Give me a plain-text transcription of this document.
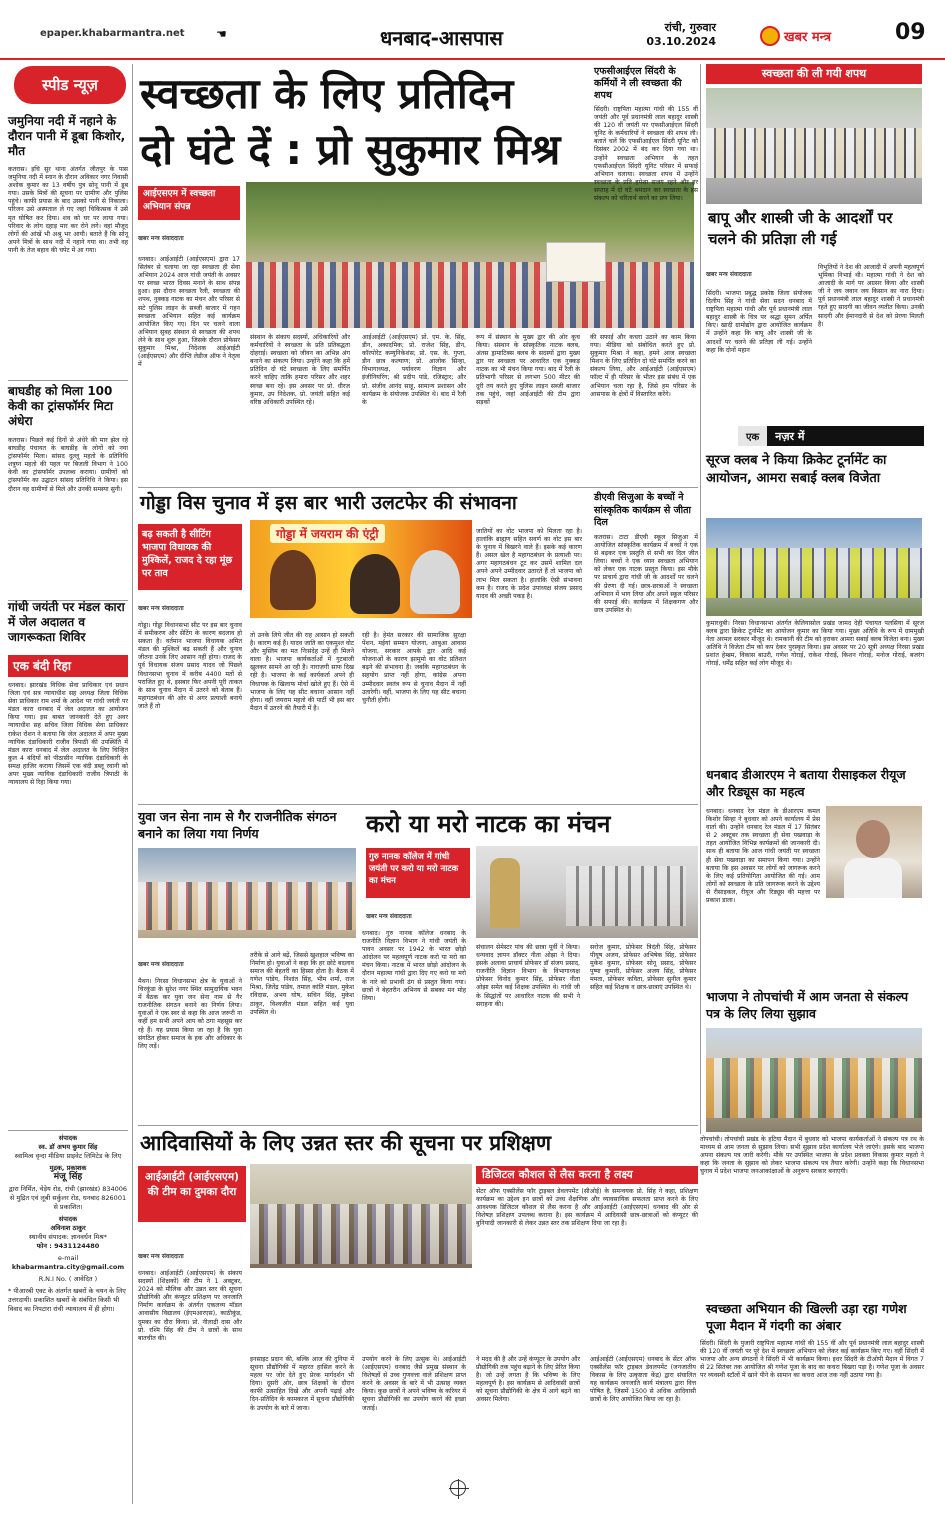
epaper.khabarmantra.net	☚	धनबाद-आसपास	रांची, गुरुवार
03.10.2024	खबर मन्त्र	09
स्पीड न्यूज़
जमुनिया नदी में नहाने के दौरान पानी में डूबा किशोर, मौत
कतरास। इचि सुर थाना अंतर्गत जीतपुर के पास जमुनिया नदी में स्नान के दौरान अविकार नगर निवासी अशोक कुमार का 13 वर्षीय पुत्र सोनू पानी में डूब गया। उसके मित्रों की सूचना पर ग्रामीण और पुलिस पहुंचे। काफी प्रयास के बाद उसको पानी से निकाला। परिजन उसे अस्पताल ले गए जहां चिकित्सक ने उसे मृत घोषित कर दिया। शव को घर पर लाया गया। परिवार के लोग दहाड़ मार कर रोने लगे। वहां मौजूद लोगों की आंखें भी अश्रु भर आयी। बताते हैं कि सोनू अपने मित्रों के साथ नदी में नहाने गया था। तभी वह पानी के तेज बहाव की चपेट में आ गया।
बाघडीह को मिला 100 केवी का ट्रांसफॉर्मर मिटा अंधेरा
कतरास। पिछले कई दिनों से अंधेरे की मार झेल रहे बाघडीह पंचायत के बाघडीह के लोगों को नया ट्रांसफॉर्मर मिला। सांसद दुल्लू महतो के प्रतिनिधि शत्रुघ्न महतो की पहल पर बिजली विभाग ने 100 केवी का ट्रांसफॉर्मर उपलब्ध कराया। ग्रामीणों को ट्रांसफॉर्मर का उद्घाटन सांसद प्रतिनिधि ने किया। इस दौरान वह ग्रामीणों से मिले और उनकी समस्या सुनी।
गांधी जयंती पर मंडल कारा में जेल अदालत व जागरूकता शिविर
एक बंदी रिहा
धनबाद। झारखंड विधिक सेवा प्राधिकार एवं प्रधान जिला एवं सत्र न्यायाधीश सह अध्यक्ष जिला विधिक सेवा प्राधिकार राम शर्मा के आदेश पर गांधी जयंती पर मंडल कारा धनबाद में जेल अदालत का आयोजन किया गया। इस बाबत जानकारी देते हुए अवर न्यायाधीश सह सचिव जिला विधिक सेवा प्राधिकार राकेश रोशन ने बताया कि जेल अदालत में अपर मुख्य न्यायिक दंडाधिकारी राजीव त्रिपाठी की उपस्थिति में मंडल कारा धनबाद में जेल अदालत के लिए चिन्हित कुल 4 बंदियों को पीठासीन न्यायिक दंडाधिकारी के समक्ष हाजिर कराया जिसमें एक बंदी डब्लू रवानी को अपर मुख्य न्यायिक दंडाधिकारी राजीव त्रिपाठी के न्यायालय से रिहा किया गया।
संपादक
स्व. डॉ अभय कुमार सिंह
स्वामित्व वृन्दा मीडिया प्राइवेट लिमिटेड के लिए
मुद्रक, प्रकाशक
मंजू सिंह
द्वारा निर्मित, चेड़ेय रोड, रांची (झारखंड) 834006 से मुद्रित एवं लूबी सर्कुलर रोड, धनबाद 826001 से प्रकाशित।
संपादक
अविनाश ठाकुर
स्थानीय संपादक: ज्ञानवर्धन मिश्र*
फोन : 9431124480
e-mail
khabarmantra.city@gmail.com
R.N.I No. ( आवेदित )
* पीआरबी एक्ट के अंतर्गत खबरों के चयन के लिए उत्तरदायी। प्रकाशित खबरों के संबंधित किसी भी विवाद का निपटारा रांची न्यायालय में ही होगा।
स्वच्छता के लिए प्रतिदिन
दो घंटे दें : प्रो सुकुमार मिश्र
आईएसएम में स्वच्छता अभियान संपन्न
खबर मन्त्र संवाददाता
धनबाद। आईआईटी (आईएसएम) द्वारा 17 सितंबर से चलाया जा रहा स्वच्छता ही सेवा अभियान 2024 आज गांधी जयंती के अवसर पर स्वच्छ भारत दिवस मनाने के साथ संपन्न हुआ। इस दौरान स्वच्छता रैली, स्वच्छता की शपथ, नुक्कड़ नाटक का मंचन और परिसर से सटे पुलिस लाइन के सब्जी बाजार में गहन स्वच्छता अभियान सहित कई कार्यक्रम आयोजित किए गए। दिन पर चलने वाला अभियान सुबह संस्थान से स्वच्छता की शपथ लेने के साथ शुरू हुआ, जिसके दौरान प्रोफेसर सुकुमार मिश्रा, निदेशक आईआईटी (आईएसएम) और दीप्ति लेडीज ऑफ ने नेतृत्व में
संस्थान के संकाय सदस्यों, अधिकारियों और कर्मचारियों ने स्वच्छता के प्रति प्रतिबद्धता दोहराई। स्वच्छता को जीवन का अभिन्न अंग बनाने का संकल्प लिया। उन्होंने कहा कि हमें प्रतिदिन दो घंटे स्वच्छता के लिए समर्पित करने चाहिए ताकि हमारा परिसर और शहर स्वच्छ बना रहे। इस अवसर पर प्रो. धीरज कुमार, उप निदेशक, प्रो. जयंती सहित कई वरिष्ठ अधिकारी उपस्थित रहे।
आईआईटी (आईएसएम) प्रो. एम. के. सिंह, डीन, अकादमिक; प्रो. राजेश सिंह, डीन, कॉरपोरेट कम्युनिकेशंस; प्रो. एस. के. गुप्ता, डीन छात्र कल्याण; प्रो. आलोक सिन्हा, विभागाध्यक्ष, पर्यावरण विज्ञान और इंजीनियरिंग; श्री प्रदीप पांडे, रजिस्ट्रार; और प्रो. संजीव आनंद साहू, सामान्य प्रशासन और कार्यक्रम के संयोजक उपस्थित थे। बाद में रैली के
रूप में संस्थान के मुख्य द्वार की ओर कूच किया। संस्थान के सांस्कृतिक नाटक क्लब, अंतस ड्रामाटिक्स क्लब के सदस्यों द्वारा मुख्य द्वार पर स्वच्छता पर आधारित एक नुक्कड़ नाटक का भी मंचन किया गया। बाद में रैली के प्रतिभागी परिसर से लगभग 500 मीटर की दूरी तय करते हुए पुलिस लाइन सब्जी बाजार तक पहुंचे, जहां आईआईटी की टीम द्वारा सड़कों
एफसीआईएल सिंदरी के कर्मियों ने ली स्वच्छता की शपथ
सिंदरी। राष्ट्रपिता महात्मा गांधी की 155 वीं जयंती और पूर्व प्रधानमंत्री लाल बहादुर शास्त्री की 120 वीं जयंती पर एफसीआईएल सिंदरी यूनिट के कर्मचारियों ने स्वच्छता की शपथ ली। बताते चलें कि एफसीआईएल सिंदरी यूनिट को दिसंबर 2002 में बंद कर दिया गया था। उन्होंने स्वच्छता अभियान के तहत एफसीआईएल सिंदरी यूनिट परिसर में सफाई अभियान चलाया। स्वच्छता शपथ में उन्होंने स्वच्छता के प्रति हमेशा सजग रहने और हर सप्ताह में दो घंटे श्रमदान कर स्वच्छता के इस संकल्प को चरितार्थ करने का प्रण लिया।
की सफाई और कचरा उठाने का काम किया गया। मीडिया को संबोधित करते हुए प्रो. सुकुमार मिश्रा ने कहा, हमने आज स्वच्छता मिशन के लिए प्रतिदिन दो घंटे समर्पित करने का संकल्प लिया, और आईआईटी (आईएसएम) फॉल्ट में ही परिसर के भीतर इस संबंध में एक अभियान चला रहा है, जिसे हम परिसर के आसपास के क्षेत्रों में विस्तारित करेंगे।
स्वच्छता की ली गयी शपथ
बापू और शास्त्री जी के आदर्शों पर चलने की प्रतिज्ञा ली गई
खबर मन्त्र संवाददाता
सिंदरी। भाजपा प्रबुद्ध प्रकोष्ठ जिला संयोजक दिलीप सिंह ने गांधी सेवा सदन धनबाद में राष्ट्रपिता महात्मा गांधी और पूर्व प्रधानमंत्री लाल बहादुर शास्त्री के चित्र पर श्रद्धा सुमन अर्पित किए। खादी ग्रामोद्योग द्वारा आयोजित कार्यक्रम में उन्होंने कहा कि बापू और शास्त्री जी के आदर्शों पर चलने की प्रतिज्ञा ली गई। उन्होंने कहा कि दोनों महान
विभूतियों ने देश की आजादी में अपनी महत्वपूर्ण भूमिका निभाई थी। महात्मा गांधी ने देश को आजादी के मार्ग पर अग्रसर किया और शास्त्री जी ने जय जवान जय किसान का नारा दिया। पूर्व प्रधानमंत्री लाल बहादुर शास्त्री ने प्रधानमंत्री रहते हुए सादगी का जीवन व्यतीत किया। उनकी सादगी और ईमानदारी से देश को प्रेरणा मिलती है।
एक	नज़र में
सूरज क्लब ने किया क्रिकेट टूर्नामेंट का आयोजन, आमरा सबाई क्लब विजेता
कुमारधुबी। निरसा विधानसभा अंतर्गत केलियासोल प्रखंड जामद देही पंचायत पलसिया में सूरज क्लब द्वारा क्रिकेट टूर्नामेंट का आयोजन कुमार का किया गया। मुख्य अतिथि के रूप में ग्राममुखी नेता अरमल सरकार मौजूद थे। रामकानी की टीम को हराकर आमरा सबाई क्लब विजेता बना। मुख्य अतिथि ने विजेता टीम को कप देकर पुरस्कृत किया। इस अवसर पर 20 सूत्री अध्यक्ष निरसा प्रखंड प्रशांत हेम्ब्रम, विकास बाउरी, गणेश गोराई, राकेश गोराई, किशन गोराई, मनोज गोराई, बजरंग गोराई, धर्मेंद्र सहित कई लोग मौजूद थे।
धनबाद डीआरएम ने बताया रीसाइकल रीयूज और रिड्यूस का महत्व
धनबाद। धनबाद रेल मंडल के डीआरएम कमल किशोर सिन्हा ने बुधवार को अपने कार्यालय में प्रेस वार्ता की। उन्होंने धनबाद रेल मंडल में 17 सितंबर से 2 अक्टूबर तक स्वच्छता ही सेवा पखवाड़ा के तहत आयोजित विभिन्न कार्यक्रमों की जानकारी दी। साथ ही बताया कि आज गांधी जयंती पर स्वच्छता ही सेवा पखवाड़ा का समापन किया गया। उन्होंने बताया कि इस अवसर पर लोगों को जागरूक करने के लिए कई प्रतियोगिता आयोजित की गई। आम लोगों को स्वच्छता के प्रति जागरूक करने के उद्देश्य से रीसाइकल, रीयूज और रिड्यूस की महत्ता पर प्रकाश डाला।
भाजपा ने तोपचांची में आम जनता से संकल्प पत्र के लिए लिया सुझाव
तोपचांची। तोपचांची प्रखंड के हटिया मैदान में बुधवार को भाजपा कार्यकर्ताओं ने संकल्प पत्र रथ के माध्यम से आम जनता से सुझाव लिया। सभी सुझाव प्रदेश कार्यालय भेजे जाएंगे। इसके बाद भाजपा अपना संकल्प पत्र जारी करेगी। मौके पर उपस्थित भाजपा के प्रदेश प्रवक्ता विकास कुमार महतो ने कहा कि जनता के सुझाव को लेकर भाजपा संकल्प पत्र तैयार करेगी। उन्होंने कहा कि विधानसभा चुनाव में प्रदेश भाजपा जनआकांक्षाओं के अनुरूप सरकार बनाएगी।
स्वच्छता अभियान की खिल्ली उड़ा रहा गणेश पूजा मैदान में गंदगी का अंबार
सिंदरी। सिंदरी के पुजारी राष्ट्रपिता महात्मा गांधी की 155 वीं और पूर्व प्रधानमंत्री लाल बहादुर शास्त्री की 120 वीं जयंती पर पूरे देश में स्वच्छता अभियान को लेकर कई कार्यक्रम किए गए। वहीं सिंदरी में भाजपा और अन्य संगठनों ने सिंदरी में भी कार्यक्रम किया। इधर सिंदरी के टीओपी मैदान में विगत 7 से 22 सितंबर तक आयोजित श्री गणेश पूजा के बाद का कचरा बिखरा पड़ा है। गणेश पूजा के अवसर पर व्यवस्थी स्टॉलों में खाने पीने के सामान का कचरा आज तक नहीं उठाया गया है।
गोड्डा विस चुनाव में इस बार भारी उलटफेर की संभावना
बढ़ सकती है सीटिंग भाजपा विधायक की मुश्किलें, राजद दे रहा मूंछ पर ताव
गोड्डा में जयराम की एंट्री
खबर मन्त्र संवाददाता
गोड्डा। गोड्डा विधानसभा सीट पर इस बार चुनाव में समीकरण और सेटिंग के कारण बदलाव हो सकता है। वर्तमान भाजपा विधायक अमित मंडल की मुश्किलें बढ़ सकती हैं और चुनाव जीतना उनके लिए आसान नहीं होगा। राजद के पूर्व विधायक संजय प्रसाद यादव जो पिछले विधानसभा चुनाव में करीब 4400 मतों से पराजित हुए थे, इसबार फिर अपनी पूरी ताकत के साथ चुनाव मैदान में उतरने को बेताब हैं। महागठबंधन की ओर से अगर प्रत्याशी बनाये जाते हैं तो
तो उनके लिये जीत की राह आसान हो सकती है। कारण कई हैं। यादव जाति का एकमुश्त वोट और मुस्लिम का मत निःसंदेह उन्हें ही मिलने वाला है। भाजपा कार्यकर्ताओं में गुटबाजी खुलकर सामने आ रही है। नाराजगी साफ दिख रही है। भाजपा के कई कार्यकर्ता अपने ही विधायक के खिलाफ मोर्चा खोले हुए हैं। ऐसे में भाजपा के लिए यह सीट बचाना आसान नहीं होगा। वहीं जयराम महतो की पार्टी भी इस बार मैदान में उतरने की तैयारी में है।
रही है। हेमंत सरकार की सामाजिक सुरक्षा पेंशन, मईयां सम्मान योजना, आबुआ आवास योजना, सरकार आपके द्वार आदि कई योजनाओं के कारण झामुमो का वोट प्रतिशत बढ़ने की संभावना है। जबकि महागठबंधन के सहयोग प्राप्त नहीं होगा, कांग्रेस अपना उम्मीदवार स्वतंत्र रूप से चुनाव मैदान में नहीं उतारेगी। वहीं, भाजपा के लिए यह सीट बचाना चुनौती होगी।
जातियों का वोट भाजपा को मिलता रहा है। हालांकि ब्राह्मण सहित सवर्ण का वोट इस बार के चुनाव में बिखरने वाले हैं। इसके कई कारण हैं। असल खेल है महागठबंधन के प्रत्याशी पर। अगर महागठबंधन टूट कर उसमें शामिल दल अपने अपने उम्मीदवार उतारते हैं तो भाजपा को लाभ मिल सकता है। हालांकि ऐसी संभावना कम है। राजद के प्रदेश उपाध्यक्ष संजय प्रसाद यादव की अच्छी पकड़ है।
डीएवी सिजुआ के बच्चों ने सांस्कृतिक कार्यक्रम से जीता दिल
कतरास। टाटा डीएवी स्कूल सिजुआ में आयोजित सांस्कृतिक कार्यक्रम में बच्चों ने एक से बढ़कर एक प्रस्तुति से सभी का दिल जीत लिया। बच्चों ने एक ध्यान स्वच्छता अभियान को लेकर एक नाटक प्रस्तुत किया। इस मौके पर प्राचार्य द्वारा गांधी जी के आदर्शों पर चलने की प्रेरणा दी गई। छात्र-छात्राओं ने स्वच्छता अभियान में भाग लिया और अपने स्कूल परिसर की सफाई की। कार्यक्रम में शिक्षकगण और छात्र उपस्थित थे।
युवा जन सेना नाम से गैर राजनीतिक संगठन बनाने का लिया गया निर्णय
खबर मन्त्र संवाददाता
मैथन। निरसा विधानसभा क्षेत्र के युवाओं ने चिरकुंडा के सुरेश नगर स्थित सामुदायिक भवन में बैठक कर युवा जन सेना नाम से गैर राजनीतिक संगठन बनाने का निर्णय लिया। युवाओं ने एक स्वर से कहा कि आज जरूरी ना कहीं हम सभी अपने आप को ठगा महसूस कर रहे हैं। यह प्रयास किया जा रहा है कि युवा संगठित होकर समाज के हक और अधिकार के लिए लड़ें।
तरीके से आगे बढ़ें, जिससे खुशहाल भविष्य का निर्माण हो। युवाओं ने कहा कि हर छोटे बदलाव समाज की बेहतरी का हिस्सा होता है। बैठक में गणेश पांडेय, निशांत सिंह, भीम शर्मा, राज मिश्रा, जितेंद्र पांडेय, तमाल कांति मंडल, मुकेश रविदास, अभय घोष, सचिन सिंह, मुकेश ठाकुर, विश्वजीत मंडल सहित कई युवा उपस्थित थे।
करो या मरो नाटक का मंचन
गुरु नानक कॉलेज में गांधी जयंती पर करो या मरो नाटक का मंचन
खबर मन्त्र संवाददाता
धनबाद। गुरु नानक कॉलेज धनबाद के राजनीति विज्ञान विभाग ने गांधी जयंती के पावन अवसर पर 1942 के भारत छोड़ो आंदोलन पर महत्वपूर्ण नाटक करो या मरो का मंचन किया। नाटक में भारत छोड़ो आंदोलन के दौरान महात्मा गांधी द्वारा दिए गए करो या मरो के नारे को प्रभावी ढंग से प्रस्तुत किया गया। छात्रों ने बेहतरीन अभिनय से सबका मन मोह लिया।
संचालन सेमेस्टर पांच की छात्रा पूर्वी ने किया। धन्यवाद ज्ञापन डॉक्टर नीता ओझा ने दिया। इसके अलावा प्राचार्य प्रोफेसर डॉ संजय प्रसाद, राजनीति विज्ञान विभाग के विभागाध्यक्ष प्रोफेसर विनोद कुमार सिंह, प्रोफेसर नीता ओझा समेत कई शिक्षक उपस्थित थे। गांधी जी के सिद्धांतों पर आधारित नाटक की सभी ने सराहना की।
सरोज कुमार, प्रोफेसर त्रिदंती सिंह, प्रोफेसर पीयूष अजय, प्रोफेसर अभिषेक सिंह, प्रोफेसर मुकेश कुमार, प्रोफेसर सोनू प्रसाद, प्रोफेसर पुष्पा कुमारी, प्रोफेसर अजय सिंह, प्रोफेसर ममता, प्रोफेसर कविता, प्रोफेसर सुनील कुमार सहित कई शिक्षक व छात्र-छात्राएं उपस्थित थे।
आदिवासियों के लिए उन्नत स्तर की सूचना पर प्रशिक्षण
आईआईटी (आईएसएम) की टीम का दुमका दौरा
डिजिटल कौशल से लैस करना है लक्ष्य
सेंटर ऑफ एक्सीलेंस फॉर ट्राइबल डेवलपमेंट (सीओई) के समन्वयक प्रो. सिंह ने कहा, प्रशिक्षण कार्यक्रम का उद्देश्य इन छात्रों को उच्च शैक्षणिक और व्यावसायिक सफलता प्राप्त करने के लिए आवश्यक डिजिटल कौशल से लैस करना है और आईआईटी (आईएसएम) धनबाद की ओर से विशेषज्ञ प्रशिक्षण उपलब्ध कराना है। इस कार्यक्रम में आदिवासी छात्र-छात्राओं को कंप्यूटर की बुनियादी जानकारी से लेकर उन्नत स्तर तक प्रशिक्षण दिया जा रहा है।
खबर मन्त्र संवाददाता
धनबाद। आईआईटी (आईएसएम) के संकाय सदस्यों (शिक्षकों) की टीम ने 1 अक्टूबर, 2024 को मौलिक और उन्नत स्तर की सूचना प्रौद्योगिकी और कंप्यूटर प्रशिक्षण पर जनजाति निर्माण कार्यक्रम के अंतर्गत एकलव्य मॉडल आवासीय विद्यालय (ईएमआरएस), काठीकुंड, दुमका का दौरा किया। प्रो. नीलाद्री दास और प्रो. रश्मि सिंह की टीम ने छात्रों के साथ बातचीत की।
इनसाइट प्रदान की, बल्कि आज की दुनिया में सूचना प्रौद्योगिकी में महारत हासिल करने के महत्व पर जोर देते हुए प्रेरक मार्गदर्शन भी दिया। दूसरी ओर, छात्र शिक्षकों के दौरान काफी उत्साहित दिखे और अपनी पढ़ाई और दिन-प्रतिदिन के कामकाज में सूचना प्रौद्योगिकी के उपयोग के बारे में जाना।
उपयोग करने के लिए उत्सुक थे। आईआईटी (आईएसएम) धनबाद जैसे प्रमुख संस्थान के विशेषज्ञों से उच्च गुणवत्ता वाले प्रशिक्षण प्राप्त करने के अवसर के बारे में भी उत्साह व्यक्त किया। कुछ छात्रों ने अपने भविष्य के करियर में सूचना प्रौद्योगिकी का उपयोग करने की इच्छा जताई।
ने मदद की है और उन्हें कंप्यूटर के उपयोग और प्रौद्योगिकी तक पहुंच बढ़ाने के लिए प्रेरित किया है। जो उन्हें लगता है कि भविष्य के लिए महत्वपूर्ण है। इस कार्यक्रम से आदिवासी छात्रों को सूचना प्रौद्योगिकी के क्षेत्र में आगे बढ़ने का अवसर मिलेगा।
आईआईटी (आईएसएम) धनबाद के सेंटर ऑफ एक्सीलेंस फॉर ट्राइबल डेवलपमेंट (जनजातीय विकास के लिए उत्कृष्टता केंद्र) द्वारा संचालित यह कार्यक्रम जनजाति कार्य मंत्रालय द्वारा वित्त पोषित है, जिसमें 1500 से अधिक आदिवासी छात्रों के लिए आयोजित किया जा रहा है।
